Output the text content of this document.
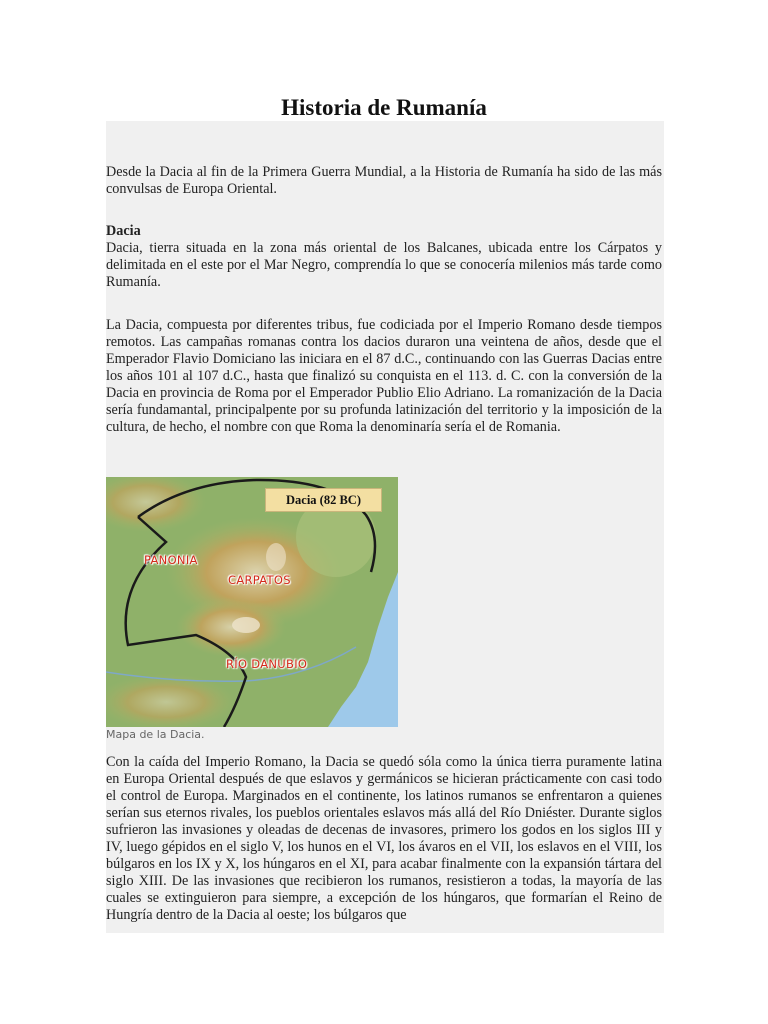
Historia de Rumanía

Desde la Dacia al fin de la Primera Guerra Mundial, a la Historia de Rumanía ha sido de las más convulsas de Europa Oriental.

Dacia

Dacia, tierra situada en la zona más oriental de los Balcanes, ubicada entre los Cárpatos y delimitada en el este por el Mar Negro, comprendía lo que se conocería milenios más tarde como Rumanía.

La Dacia, compuesta por diferentes tribus, fue codiciada por el Imperio Romano desde tiempos remotos. Las campañas romanas contra los dacios duraron una veintena de años, desde que el Emperador Flavio Domiciano las iniciara en el 87 d.C., continuando con las Guerras Dacias entre los años 101 al 107 d.C., hasta que finalizó su conquista en el 113. d. C. con la conversión de la Dacia en provincia de Roma por el Emperador Publio Elio Adriano. La romanización de la Dacia sería fundamantal, principalpente por su profunda latinización del territorio y la imposición de la cultura, de hecho, el nombre con que Roma la denominaría sería el de Romania.

Dacia (82 BC)
PANONIA
CARPATOS
RÍO DANUBIO
Mapa de la Dacia.

Con la caída del Imperio Romano, la Dacia se quedó sóla como la única tierra puramente latina en Europa Oriental después de que eslavos y germánicos se hicieran prácticamente con casi todo el control de Europa. Marginados en el continente, los latinos rumanos se enfrentaron a quienes serían sus eternos rivales, los pueblos orientales eslavos más allá del Río Dniéster. Durante siglos sufrieron las invasiones y oleadas de decenas de invasores, primero los godos en los siglos III y IV, luego gépidos en el siglo V, los hunos en el VI, los ávaros en el VII, los eslavos en el VIII, los búlgaros en los IX y X, los húngaros en el XI, para acabar finalmente con la expansión tártara del siglo XIII. De las invasiones que recibieron los rumanos, resistieron a todas, la mayoría de las cuales se extinguieron para siempre, a excepción de los húngaros, que formarían el Reino de Hungría dentro de la Dacia al oeste; los búlgaros que
